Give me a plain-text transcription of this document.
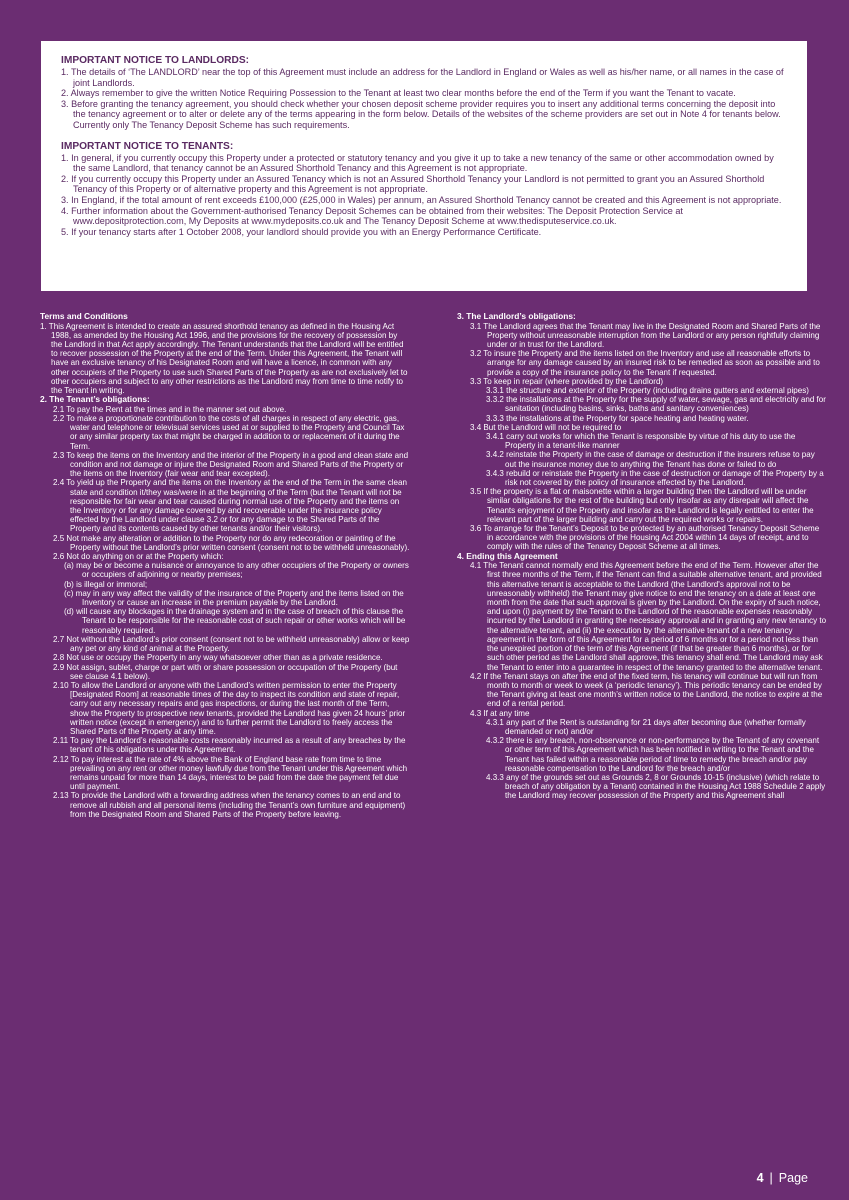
IMPORTANT NOTICE TO LANDLORDS:
1. The details of ‘The LANDLORD’ near the top of this Agreement must include an address for the Landlord in England or Wales as well as his/her name, or all names in the case of joint Landlords.
2. Always remember to give the written Notice Requiring Possession to the Tenant at least two clear months before the end of the Term if you want the Tenant to vacate.
3. Before granting the tenancy agreement, you should check whether your chosen deposit scheme provider requires you to insert any additional terms concerning the deposit into the tenancy agreement or to alter or delete any of the terms appearing in the form below. Details of the websites of the scheme providers are set out in Note 4 for tenants below. Currently only The Tenancy Deposit Scheme has such requirements.
IMPORTANT NOTICE TO TENANTS:
1. In general, if you currently occupy this Property under a protected or statutory tenancy and you give it up to take a new tenancy of the same or other accommodation owned by the same Landlord, that tenancy cannot be an Assured Shorthold Tenancy and this Agreement is not appropriate.
2. If you currently occupy this Property under an Assured Tenancy which is not an Assured Shorthold Tenancy your Landlord is not permitted to grant you an Assured Shorthold Tenancy of this Property or of alternative property and this Agreement is not appropriate.
3. In England, if the total amount of rent exceeds £100,000 (£25,000 in Wales) per annum, an Assured Shorthold Tenancy cannot be created and this Agreement is not appropriate.
4. Further information about the Government-authorised Tenancy Deposit Schemes can be obtained from their websites: The Deposit Protection Service at www.depositprotection.com, My Deposits at www.mydeposits.co.uk and The Tenancy Deposit Scheme at www.thedisputeservice.co.uk.
5. If your tenancy starts after 1 October 2008, your landlord should provide you with an Energy Performance Certificate.
Terms and Conditions

1. This Agreement is intended to create an assured shorthold tenancy as defined in the Housing Act 1988, as amended by the Housing Act 1996, and the provisions for the recovery of possession by the Landlord in that Act apply accordingly. The Tenant understands that the Landlord will be entitled to recover possession of the Property at the end of the Term. Under this Agreement, the Tenant will have an exclusive tenancy of his Designated Room and will have a licence, in common with any other occupiers of the Property to use such Shared Parts of the Property as are not exclusively let to other occupiers and subject to any other restrictions as the Landlord may from time to time notify to the Tenant in writing.

2. The Tenant’s obligations:

2.1 To pay the Rent at the times and in the manner set out above.

2.2 To make a proportionate contribution to the costs of all charges in respect of any electric, gas, water and telephone or televisual services used at or supplied to the Property and Council Tax or any similar property tax that might be charged in addition to or replacement of it during the Term.

2.3 To keep the items on the Inventory and the interior of the Property in a good and clean state and condition and not damage or injure the Designated Room and Shared Parts of the Property or the items on the Inventory (fair wear and tear excepted).

2.4 To yield up the Property and the items on the Inventory at the end of the Term in the same clean state and condition it/they was/were in at the beginning of the Term (but the Tenant will not be responsible for fair wear and tear caused during normal use of the Property and the items on the Inventory or for any damage covered by and recoverable under the insurance policy effected by the Landlord under clause 3.2 or for any damage to the Shared Parts of the Property and its contents caused by other tenants and/or their visitors).

2.5 Not make any alteration or addition to the Property nor do any redecoration or painting of the Property without the Landlord’s prior written consent (consent not to be withheld unreasonably).

2.6 Not do anything on or at the Property which:

(a) may be or become a nuisance or annoyance to any other occupiers of the Property or owners or occupiers of adjoining or nearby premises;

(b) is illegal or immoral;

(c) may in any way affect the validity of the insurance of the Property and the items listed on the Inventory or cause an increase in the premium payable by the Landlord.

(d) will cause any blockages in the drainage system and in the case of breach of this clause the Tenant to be responsible for the reasonable cost of such repair or other works which will be reasonably required.

2.7 Not without the Landlord’s prior consent (consent not to be withheld unreasonably) allow or keep any pet or any kind of animal at the Property.

2.8 Not use or occupy the Property in any way whatsoever other than as a private residence.

2.9 Not assign, sublet, charge or part with or share possession or occupation of the Property (but see clause 4.1 below).

2.10 To allow the Landlord or anyone with the Landlord’s written permission to enter the Property [Designated Room] at reasonable times of the day to inspect its condition and state of repair, carry out any necessary repairs and gas inspections, or during the last month of the Term, show the Property to prospective new tenants, provided the Landlord has given 24 hours’ prior written notice (except in emergency) and to further permit the Landlord to freely access the Shared Parts of the Property at any time.

2.11 To pay the Landlord’s reasonable costs reasonably incurred as a result of any breaches by the tenant of his obligations under this Agreement.

2.12 To pay interest at the rate of 4% above the Bank of England base rate from time to time prevailing on any rent or other money lawfully due from the Tenant under this Agreement which remains unpaid for more than 14 days, interest to be paid from the date the payment fell due until payment.

2.13 To provide the Landlord with a forwarding address when the tenancy comes to an end and to remove all rubbish and all personal items (including the Tenant’s own furniture and equipment) from the Designated Room and Shared Parts of the Property before leaving.

3. The Landlord’s obligations:

3.1 The Landlord agrees that the Tenant may live in the Designated Room and Shared Parts of the Property without unreasonable interruption from the Landlord or any person rightfully claiming under or in trust for the Landlord.

3.2 To insure the Property and the items listed on the Inventory and use all reasonable efforts to arrange for any damage caused by an insured risk to be remedied as soon as possible and to provide a copy of the insurance policy to the Tenant if requested.

3.3 To keep in repair (where provided by the Landlord)

3.3.1 the structure and exterior of the Property (including drains gutters and external pipes)

3.3.2 the installations at the Property for the supply of water, sewage, gas and electricity and for sanitation (including basins, sinks, baths and sanitary conveniences)

3.3.3 the installations at the Property for space heating and heating water.

3.4 But the Landlord will not be required to

3.4.1 carry out works for which the Tenant is responsible by virtue of his duty to use the Property in a tenant-like manner

3.4.2 reinstate the Property in the case of damage or destruction if the insurers refuse to pay out the insurance money due to anything the Tenant has done or failed to do

3.4.3 rebuild or reinstate the Property in the case of destruction or damage of the Property by a risk not covered by the policy of insurance effected by the Landlord.

3.5 If the property is a flat or maisonette within a larger building then the Landlord will be under similar obligations for the rest of the building but only insofar as any disrepair will affect the Tenants enjoyment of the Property and insofar as the Landlord is legally entitled to enter the relevant part of the larger building and carry out the required works or repairs.

3.6 To arrange for the Tenant’s Deposit to be protected by an authorised Tenancy Deposit Scheme in accordance with the provisions of the Housing Act 2004 within 14 days of receipt, and to comply with the rules of the Tenancy Deposit Scheme at all times.

4. Ending this Agreement

4.1 The Tenant cannot normally end this Agreement before the end of the Term. However after the first three months of the Term, if the Tenant can find a suitable alternative tenant, and provided this alternative tenant is acceptable to the Landlord (the Landlord's approval not to be unreasonably withheld) the Tenant may give notice to end the tenancy on a date at least one month from the date that such approval is given by the Landlord. On the expiry of such notice, and upon (i) payment by the Tenant to the Landlord of the reasonable expenses reasonably incurred by the Landlord in granting the necessary approval and in granting any new tenancy to the alternative tenant, and (ii) the execution by the alternative tenant of a new tenancy agreement in the form of this Agreement for a period of 6 months or for a period not less than the unexpired portion of the term of this Agreement (if that be greater than 6 months), or for such other period as the Landlord shall approve, this tenancy shall end. The Landlord may ask the Tenant to enter into a guarantee in respect of the tenancy granted to the alternative tenant.

4.2 If the Tenant stays on after the end of the fixed term, his tenancy will continue but will run from month to month or week to week (a ‘periodic tenancy’). This periodic tenancy can be ended by the Tenant giving at least one month’s written notice to the Landlord, the notice to expire at the end of a rental period.

4.3 If at any time

4.3.1 any part of the Rent is outstanding for 21 days after becoming due (whether formally demanded or not) and/or

4.3.2 there is any breach, non-observance or non-performance by the Tenant of any covenant or other term of this Agreement which has been notified in writing to the Tenant and the Tenant has failed within a reasonable period of time to remedy the breach and/or pay reasonable compensation to the Landlord for the breach and/or

4.3.3 any of the grounds set out as Grounds 2, 8 or Grounds 10-15 (inclusive) (which relate to breach of any obligation by a Tenant) contained in the Housing Act 1988 Schedule 2 apply the Landlord may recover possession of the Property and this Agreement shall

4 | Page
